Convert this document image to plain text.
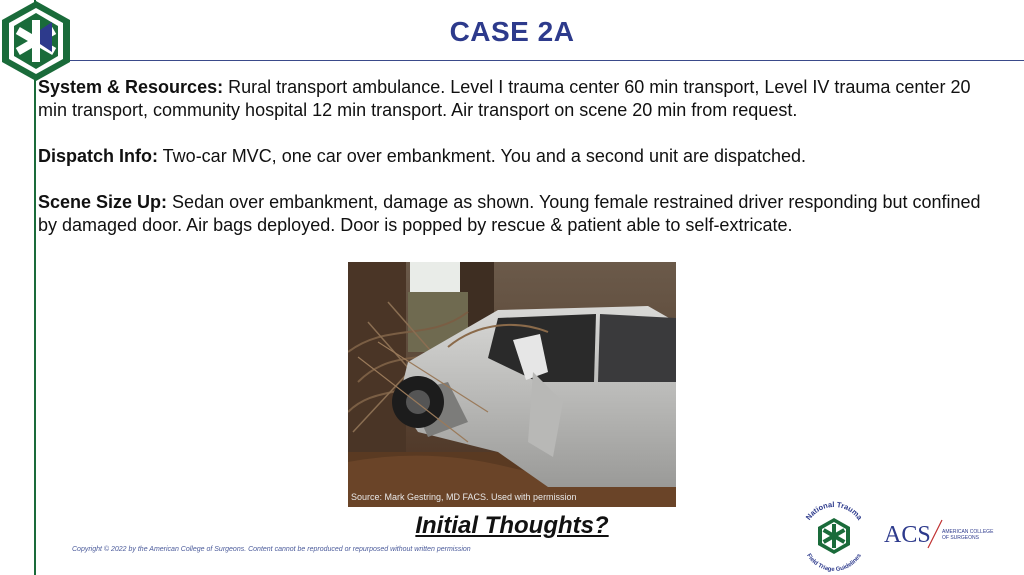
CASE 2A

System & Resources: Rural transport ambulance. Level I trauma center 60 min transport, Level IV trauma center 20 min transport, community hospital 12 min transport. Air transport on scene 20 min from request.

Dispatch Info: Two-car MVC, one car over embankment. You and a second unit are dispatched.

Scene Size Up: Sedan over embankment, damage as shown. Young female restrained driver responding but confined by damaged door. Air bags deployed. Door is popped by rescue & patient able to self-extricate.

Source: Mark Gestring, MD FACS. Used with permission
Initial Thoughts?
Copyright © 2022 by the American College of Surgeons. Content cannot be reproduced or repurposed without written permission
National Trauma
Field Triage Guidelines
ACS AMERICAN COLLEGE
OF SURGEONS
